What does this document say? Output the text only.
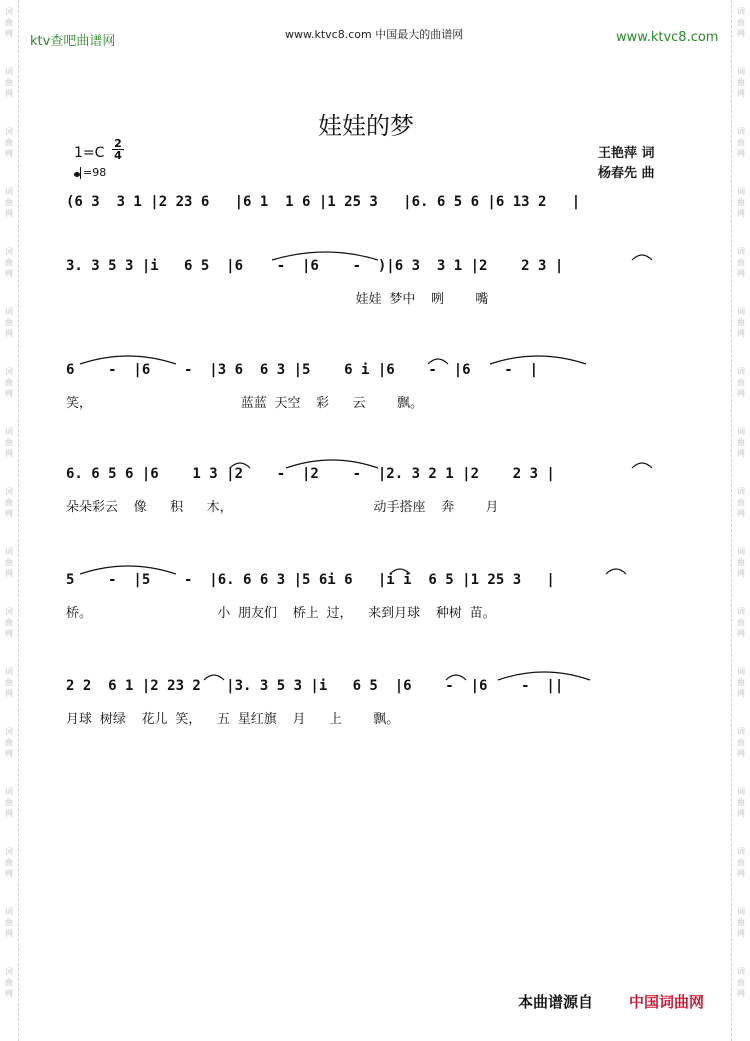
词
曲
网
词
曲
网
词
曲
网
词
曲
网
词
曲
网
词
曲
网
词
曲
网
词
曲
网
词
曲
网
词
曲
网
词
曲
网
词
曲
网
词
曲
网
词
曲
网
词
曲
网
词
曲
网
词
曲
网
词
曲
网
词
曲
网
词
曲
网
词
曲
网
词
曲
网
词
曲
网
词
曲
网
词
曲
网
词
曲
网
词
曲
网
词
曲
网
词
曲
网
词
曲
网
词
曲
网
词
曲
网
词
曲
网
词
曲
网
ktv查吧曲谱网	www.ktvc8.com 中国最大的曲谱网	www.ktvc8.com
娃娃的梦
1=C
2
4
=98
王艳萍 词
杨春先 曲
(6 3  3 1 |2 23 6   |6 1  1 6 |1 25 3   |6. 6 5 6 |6 13 2   |
3. 3 5 3 |i   6 5  |6    -  |6    -  )|6 3  3 1 |2    2 3 |
娃娃 梦中  咧    嘴
6    -  |6    -  |3 6  6 3 |5    6 i |6    -  |6    -  |
笑，                   蓝蓝 天空  彩   云    飘。
6. 6 5 6 |6    1 3 |2    -  |2    -  |2. 3 2 1 |2    2 3 |
朵朵彩云  像   积   木，                  动手搭座  奔    月
5    -  |5    -  |6. 6 6 3 |5 6i 6   |i i  6 5 |1 25 3   |
桥。                小 朋友们  桥上 过，  来到月球  种树 苗。
2 2  6 1 |2 23 2   |3. 3 5 3 |i   6 5  |6    -  |6    -  ||
月球 树绿  花儿 笑，  五 星红旗  月   上    飘。
本曲谱源自 中国词曲网
